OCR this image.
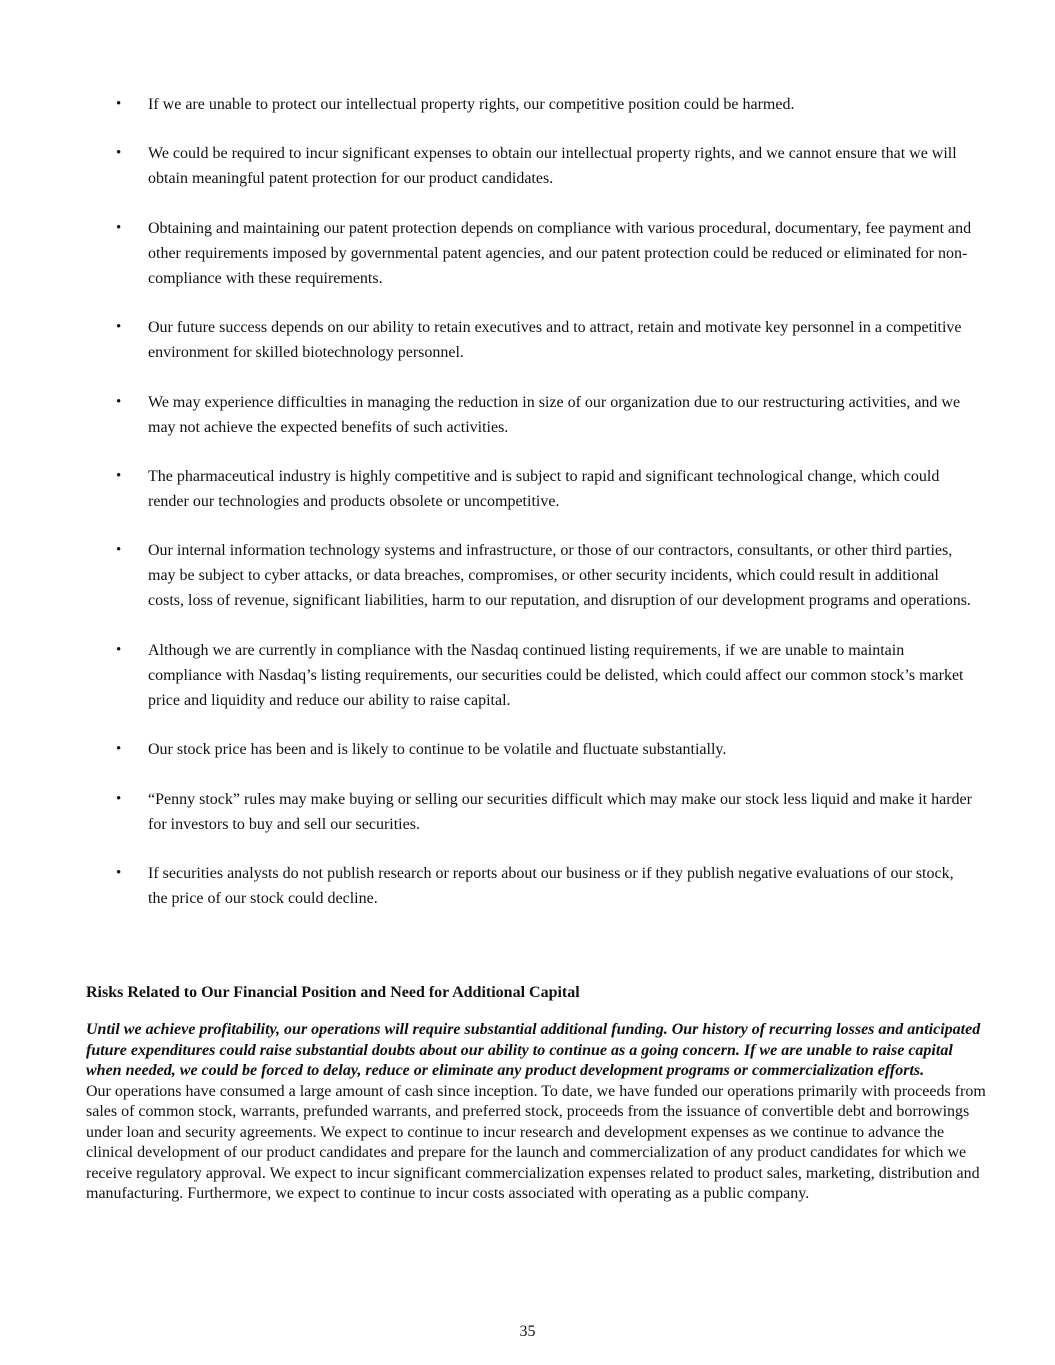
• If we are unable to protect our intellectual property rights, our competitive position could be harmed.
• We could be required to incur significant expenses to obtain our intellectual property rights, and we cannot ensure that we will obtain meaningful patent protection for our product candidates.
• Obtaining and maintaining our patent protection depends on compliance with various procedural, documentary, fee payment and other requirements imposed by governmental patent agencies, and our patent protection could be reduced or eliminated for non-compliance with these requirements.
• Our future success depends on our ability to retain executives and to attract, retain and motivate key personnel in a competitive environment for skilled biotechnology personnel.
• We may experience difficulties in managing the reduction in size of our organization due to our restructuring activities, and we may not achieve the expected benefits of such activities.
• The pharmaceutical industry is highly competitive and is subject to rapid and significant technological change, which could render our technologies and products obsolete or uncompetitive.
• Our internal information technology systems and infrastructure, or those of our contractors, consultants, or other third parties, may be subject to cyber attacks, or data breaches, compromises, or other security incidents, which could result in additional costs, loss of revenue, significant liabilities, harm to our reputation, and disruption of our development programs and operations.
• Although we are currently in compliance with the Nasdaq continued listing requirements, if we are unable to maintain compliance with Nasdaq’s listing requirements, our securities could be delisted, which could affect our common stock’s market price and liquidity and reduce our ability to raise capital.
• Our stock price has been and is likely to continue to be volatile and fluctuate substantially.
• “Penny stock” rules may make buying or selling our securities difficult which may make our stock less liquid and make it harder for investors to buy and sell our securities.
• If securities analysts do not publish research or reports about our business or if they publish negative evaluations of our stock, the price of our stock could decline.
Risks Related to Our Financial Position and Need for Additional Capital

Until we achieve profitability, our operations will require substantial additional funding. Our history of recurring losses and anticipated future expenditures could raise substantial doubts about our ability to continue as a going concern. If we are unable to raise capital when needed, we could be forced to delay, reduce or eliminate any product development programs or commercialization efforts.

Our operations have consumed a large amount of cash since inception. To date, we have funded our operations primarily with proceeds from sales of common stock, warrants, prefunded warrants, and preferred stock, proceeds from the issuance of convertible debt and borrowings under loan and security agreements. We expect to continue to incur research and development expenses as we continue to advance the clinical development of our product candidates and prepare for the launch and commercialization of any product candidates for which we receive regulatory approval. We expect to incur significant commercialization expenses related to product sales, marketing, distribution and manufacturing. Furthermore, we expect to continue to incur costs associated with operating as a public company.

35
